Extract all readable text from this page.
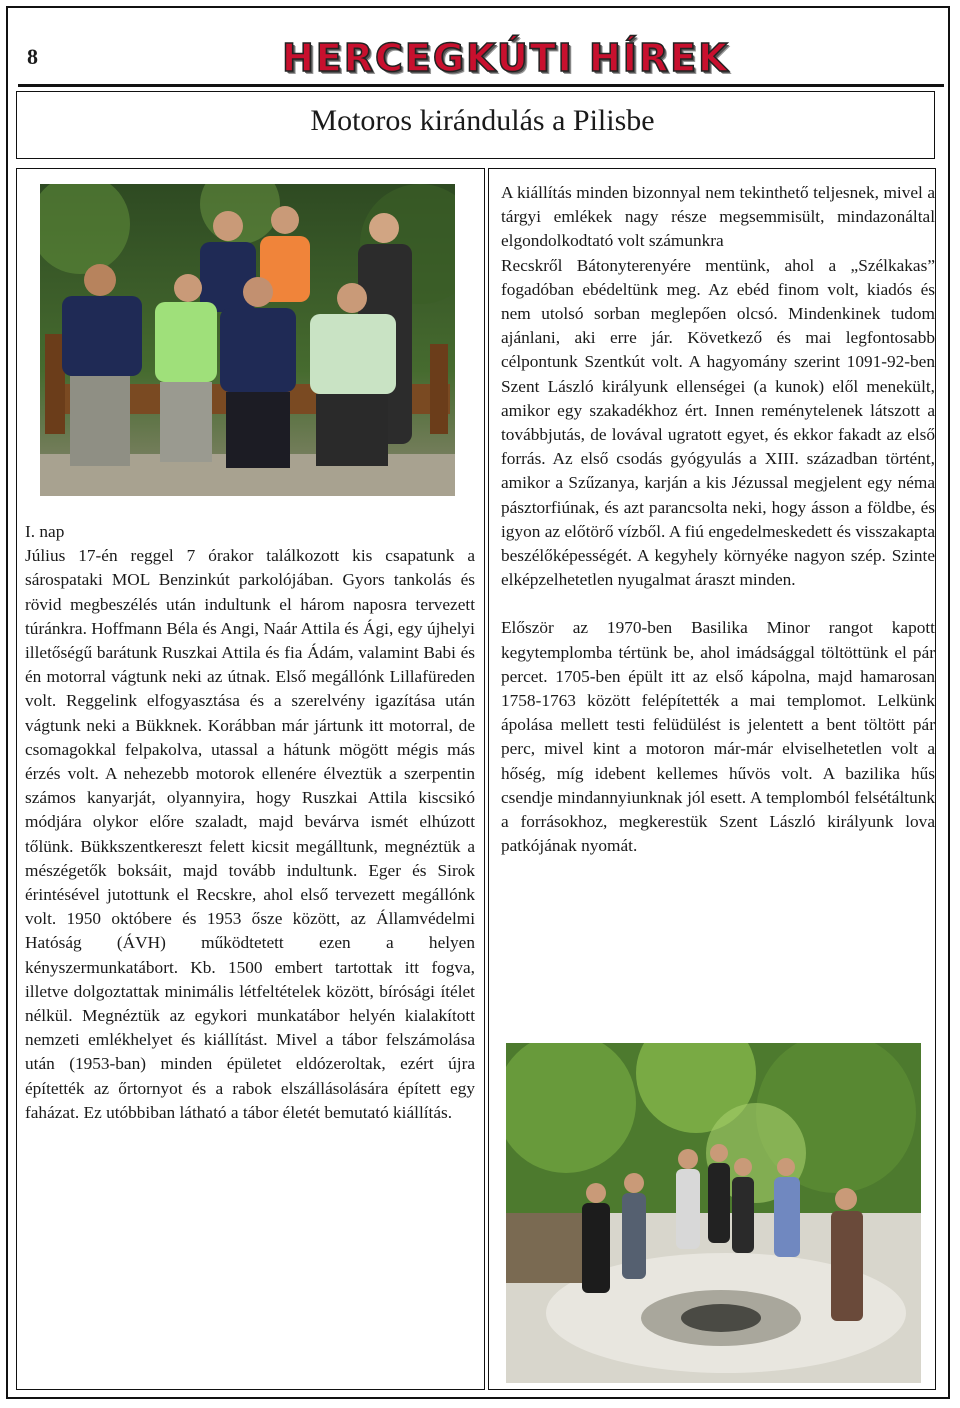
8	HERCEGKÚTI HÍREK
Motoros kirándulás a Pilisbe
I. nap

Július 17-én reggel 7 órakor találkozott kis csapatunk a sárospataki MOL Benzinkút parkolójában. Gyors tankolás és rövid megbeszélés után indultunk el három naposra tervezett túránkra. Hoffmann Béla és Angi, Naár Attila és Ági, egy újhelyi illetőségű barátunk Ruszkai Attila és fia Ádám, valamint Babi és én motorral vágtunk neki az útnak. Első megállónk Lillafüreden volt. Reggelink elfogyasztása és a szerelvény igazítása után vágtunk neki a Bükknek. Korábban már jártunk itt motorral, de csomagokkal felpakolva, utassal a hátunk mögött mégis más érzés volt. A nehezebb motorok ellenére élveztük a szerpentin számos kanyarját, olyannyira, hogy Ruszkai Attila kiscsikó módjára olykor előre szaladt, majd bevárva ismét elhúzott tőlünk. Bükkszentkereszt felett kicsit megálltunk, megnéztük a mészégetők boksáit, majd tovább indultunk. Eger és Sirok érintésével jutottunk el Recskre, ahol első tervezett megállónk volt. 1950 októbere és 1953 ősze között, az Államvédelmi Hatóság (ÁVH) működtetett ezen a helyen kényszermunkatábort. Kb. 1500 embert tartottak itt fogva, illetve dolgoztattak minimális létfeltételek között, bírósági ítélet nélkül. Megnéztük az egykori munkatábor helyén kialakított nemzeti emlékhelyet és kiállítást. Mivel a tábor felszámolása után (1953-ban) minden épületet eldózeroltak, ezért újra építették az őrtornyot és a rabok elszállásolására épített egy faházat. Ez utóbbiban látható a tábor életét bemutató kiállítás.

A kiállítás minden bizonnyal nem tekinthető teljesnek, mivel a tárgyi emlékek nagy része megsemmisült, mindazonáltal elgondolkodtató volt számunkra

Recskről Bátonyterenyére mentünk, ahol a „Szélkakas” fogadóban ebédeltünk meg. Az ebéd finom volt, kiadós és nem utolsó sorban meglepően olcsó. Mindenkinek tudom ajánlani, aki erre jár. Következő és mai legfontosabb célpontunk Szentkút volt. A hagyomány szerint 1091-92-ben Szent László királyunk ellenségei (a kunok) elől menekült, amikor egy szakadékhoz ért. Innen reménytelenek látszott a továbbjutás, de lovával ugratott egyet, és ekkor fakadt az első forrás. Az első csodás gyógyulás a XIII. században történt, amikor a Szűzanya, karján a kis Jézussal megjelent egy néma pásztorfiúnak, és azt parancsolta neki, hogy ásson a földbe, és igyon az előtörő vízből. A fiú engedelmeskedett és visszakapta beszélőképességét. A kegyhely környéke nagyon szép. Szinte elképzelhetetlen nyugalmat áraszt minden.

Először az 1970-ben Basilika Minor rangot kapott kegytemplomba tértünk be, ahol imádsággal töltöttünk el pár percet. 1705-ben épült itt az első kápolna, majd hamarosan 1758-1763 között felépítették a mai templomot. Lelkünk ápolása mellett testi felüdülést is jelentett a bent töltött pár perc, mivel kint a motoron már-már elviselhetetlen volt a hőség, míg idebent kellemes hűvös volt. A bazilika hűs csendje mindannyiunknak jól esett. A templomból felsétáltunk a forrásokhoz, megkerestük Szent László királyunk lova patkójának nyomát.
